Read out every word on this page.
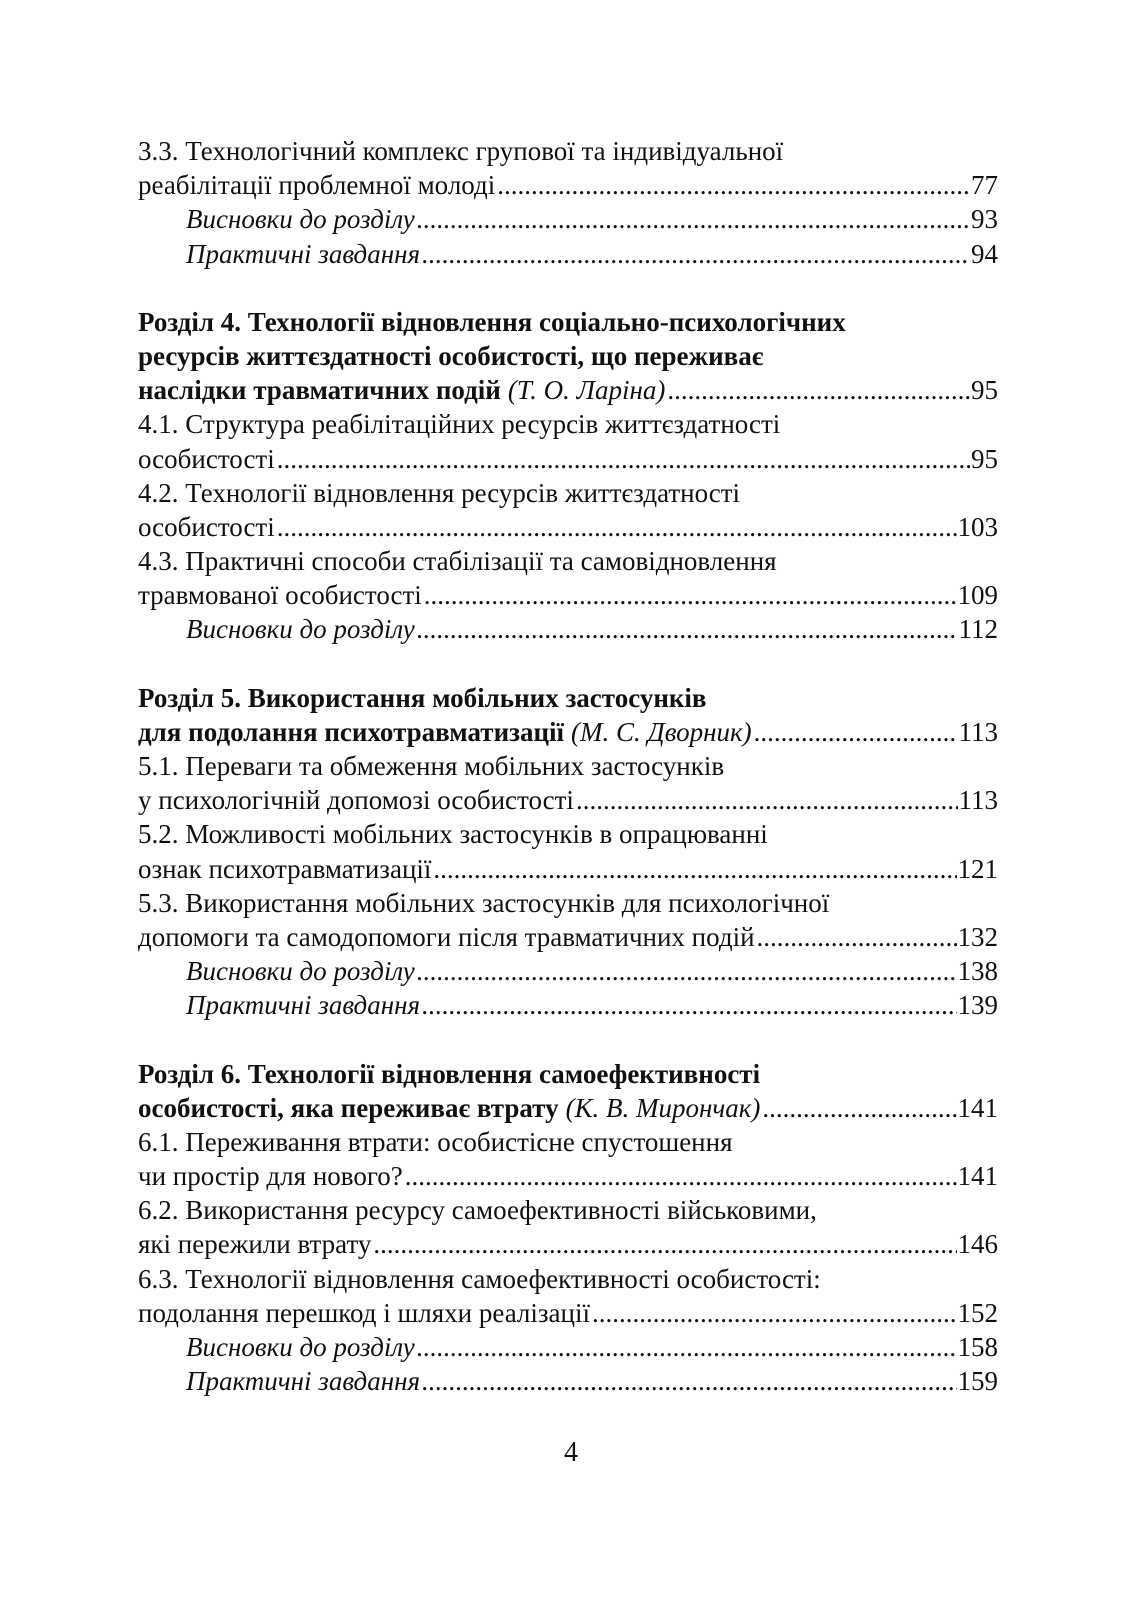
3.3. Технологічний комплекс групової та індивідуальної
реабілітації проблемної молоді .....	77
Висновки до розділу .....	93
Практичні завдання .....	94
Розділ 4. Технології відновлення соціально-психологічних
ресурсів життєздатності особистості, що переживає
наслідки травматичних подій (Т. О. Ларіна) .....	95
4.1. Структура реабілітаційних ресурсів життєздатності
особистості .....	95
4.2. Технології відновлення ресурсів життєздатності
особистості .....	103
4.3. Практичні способи стабілізації та самовідновлення
травмованої особистості .....	109
Висновки до розділу .....	112
Розділ 5. Використання мобільних застосунків
для подолання психотравматизації (М. С. Дворник) .....	113
5.1. Переваги та обмеження мобільних застосунків
у психологічній допомозі особистості .....	113
5.2. Можливості мобільних застосунків в опрацюванні
ознак психотравматизації .....	121
5.3. Використання мобільних застосунків для психологічної
допомоги та самодопомоги після травматичних подій .....	132
Висновки до розділу .....	138
Практичні завдання .....	139
Розділ 6. Технології відновлення самоефективності
особистості, яка переживає втрату (К. В. Мирончак) .....	141
6.1. Переживання втрати: особистісне спустошення
чи простір для нового? .....	141
6.2. Використання ресурсу самоефективності військовими,
які пережили втрату .....	146
6.3. Технології відновлення самоефективності особистості:
подолання перешкод і шляхи реалізації .....	152
Висновки до розділу .....	158
Практичні завдання .....	159
4
